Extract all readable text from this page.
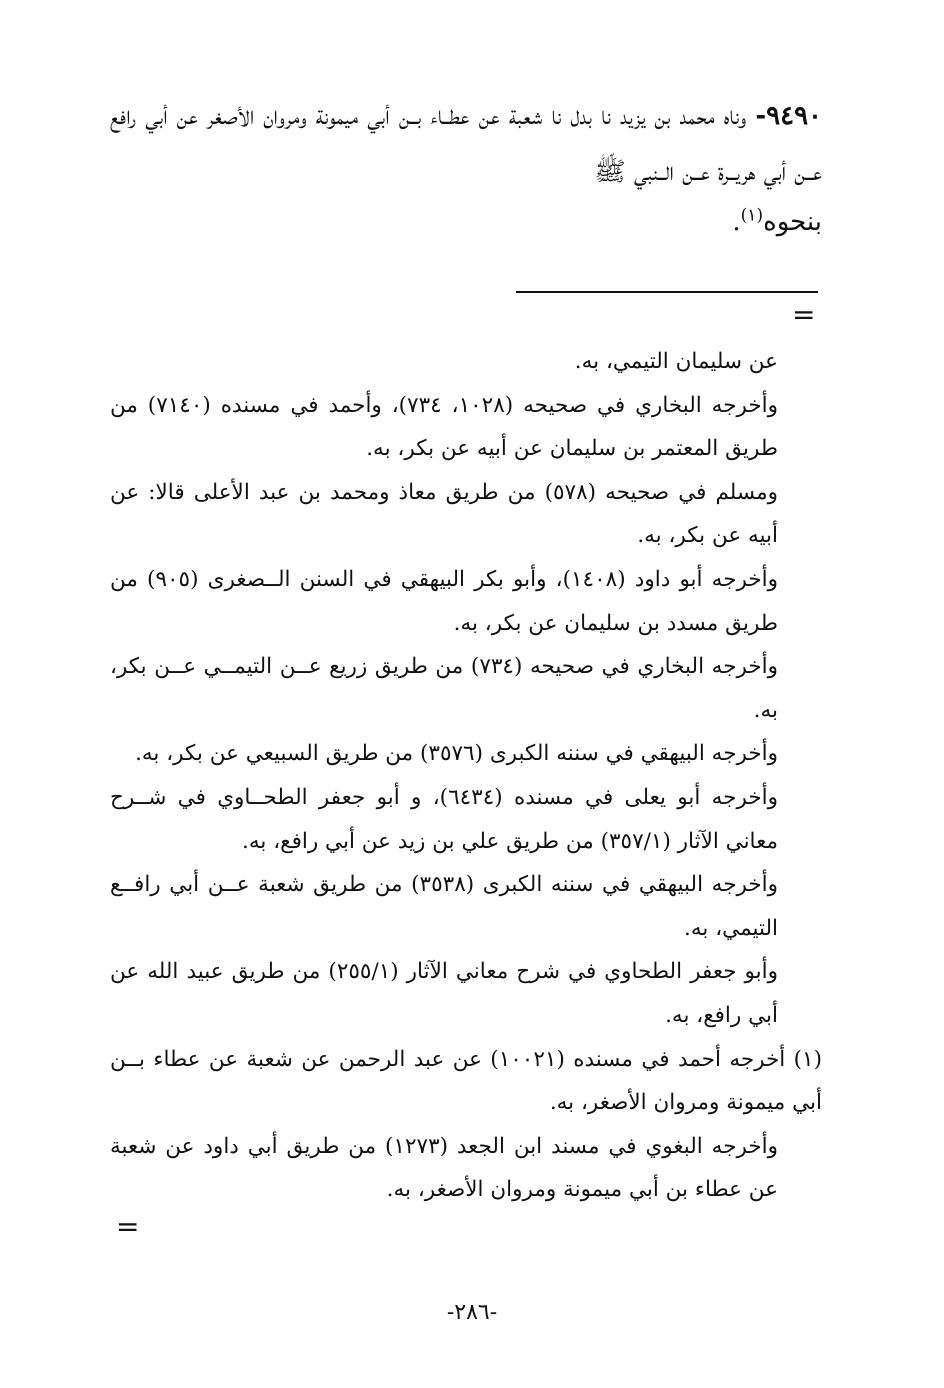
٩٤٩٠- وناه محمد بن يزيد نا بدل نا شعبة عن عطــاء بــن أبي ميمونة ومروان الأصغر عن أبي رافع عــن أبي هريــرة عــن الــنبي ﷺ
بنحوه$^{(١)}$.
=

عن سليمان التيمي، به.

وأخرجه البخاري في صحيحه (١٠٢٨، ٧٣٤)، وأحمد في مسنده (٧١٤٠) من طريق المعتمر بن سليمان عن أبيه عن بكر، به.

ومسلم في صحيحه (٥٧٨) من طريق معاذ ومحمد بن عبد الأعلى قالا: عن أبيه عن بكر، به.

وأخرجه أبو داود (١٤٠٨)، وأبو بكر البيهقي في السنن الــصغرى (٩٠٥) من طريق مسدد بن سليمان عن بكر، به.

وأخرجه البخاري في صحيحه (٧٣٤) من طريق زريع عــن التيمــي عــن بكر، به.

وأخرجه البيهقي في سننه الكبرى (٣٥٧٦) من طريق السبيعي عن بكر، به.

وأخرجه أبو يعلى في مسنده (٦٤٣٤)، و أبو جعفر الطحــاوي في شــرح معاني الآثار (٣٥٧/١) من طريق علي بن زيد عن أبي رافع، به.

وأخرجه البيهقي في سننه الكبرى (٣٥٣٨) من طريق شعبة عــن أبي رافــع التيمي، به.

وأبو جعفر الطحاوي في شرح معاني الآثار (٢٥٥/١) من طريق عبيد الله عن أبي رافع، به.

(١) أخرجه أحمد في مسنده (١٠٠٢١) عن عبد الرحمن عن شعبة عن عطاء بــن أبي ميمونة ومروان الأصغر، به.

وأخرجه البغوي في مسند ابن الجعد (١٢٧٣) من طريق أبي داود عن شعبة عن عطاء بن أبي ميمونة ومروان الأصغر، به.

=
-٢٨٦-
